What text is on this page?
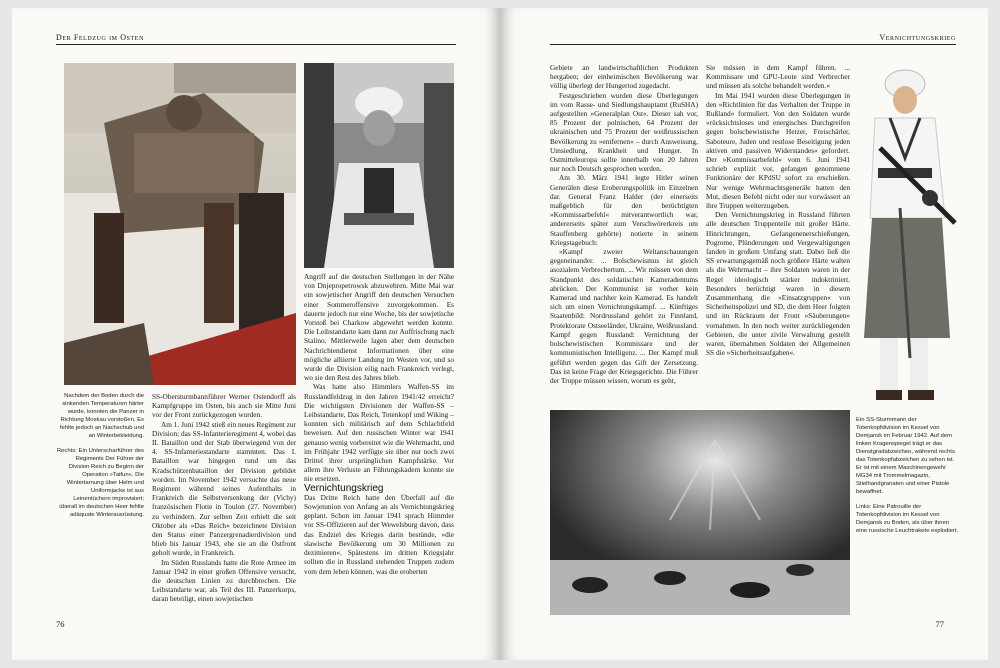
Der Feldzug im Osten

Nachdem der Boden durch die sinkenden Temperaturen härter wurde, konnten die Panzer in Richtung Moskau vorstoßen. Es fehlte jedoch an Nachschub und an Winterbekleidung.

Rechts: Ein Unterscharführer des Regiments Der Führer der Division Reich zu Beginn der Operation »Taifun«. Die Wintertarnung über Helm und Uniformjacke ist aus Leinentüchern improvisiert; überall im deutschen Heer fehlte adäquate Winterausrüstung.

SS-Obersturmbannführer Werner Ostendorff als Kampfgruppe im Osten, bis auch sie Mitte Juni vor der Front zurückgezogen wurden.

Am 1. Juni 1942 stieß ein neues Regiment zur Division; das SS-Infanterieregiment 4, wobei das II. Bataillon und der Stab überwiegend von der 4. SS-Infanteriestandarte stammten. Das I. Bataillon war hingegen rund um das Kradschützenbataillon der Division gebildet worden. Im November 1942 versuchte das neue Regiment während seines Aufenthalts in Frankreich die Selbstversenkung der (Vichy) französischen Flotte in Toulon (27. November) zu verhindern. Zur selben Zeit erhielt die seit Oktober als »Das Reich« bezeichnete Division den Status einer Panzergrenadierdivision und blieb bis Januar 1943, ehe sie an die Ostfront geholt wurde, in Frankreich.

Im Süden Russlands hatte die Rote Armee im Januar 1942 in einer großen Offensive versucht, die deutschen Linien zu durchbrechen. Die Leibstandarte war, als Teil des III. Panzerkorps, daran beteiligt, einen sowjetischen

Angriff auf die deutschen Stellungen in der Nähe von Dnjepropetrowsk abzuwehren. Mitte Mai war ein sowjetischer Angriff den deutschen Versuchen einer Sommeroffensive zuvorgekommen. Es dauerte jedoch nur eine Woche, bis der sowjetische Vorstoß bei Charkow abgewehrt werden konnte. Die Leibstandarte kam dann zur Auffrischung nach Stalino. Mittlerweile lagen aber dem deutschen Nachrichtendienst Informationen über eine mögliche alliierte Landung im Westen vor, und so wurde die Division eilig nach Frankreich verlegt, wo sie den Rest des Jahres blieb.

Was hatte also Himmlers Waffen-SS im Russlandfeldzug in den Jahren 1941/42 erreicht? Die wichtigsten Divisionen der Waffen-SS – Leibstandarte, Das Reich, Totenkopf und Wiking – konnten sich militärisch auf dem Schlachtfeld beweisen. Auf den russischen Winter war 1941 genauso wenig vorbereitet wie die Wehrmacht, und im Frühjahr 1942 verfügte sie über nur noch zwei Drittel ihrer ursprünglichen Kampfstärke. Vor allem ihre Verluste an Führungskadern konnte sie nie ersetzen.

Vernichtungskrieg

Das Dritte Reich hatte den Überfall auf die Sowjetunion von Anfang an als Vernichtungskrieg geplant. Schon im Januar 1941 sprach Himmler vor SS-Offizieren auf der Wewelsburg davon, dass das Endziel des Krieges darin bestünde, »die slawische Bevölkerung um 30 Millionen zu dezimieren«. Spätestens im dritten Kriegsjahr sollten die in Russland stehenden Truppen zudem vom dem leben können, was die eroberten

76
Vernichtungskrieg

Gebiete an landwirtschaftlichen Produkten hergaben; der einheimischen Bevölkerung war völlig überlegt der Hungertod zugedacht.

Festgeschrieben wurden diese Überlegungen im vom Rasse- und Siedlungshauptamt (RuSHA) aufgestellten »Generalplan Ost«. Dieser sah vor, 85 Prozent der polnischen, 64 Prozent der ukrainischen und 75 Prozent der weißrussischen Bevölkerung zu »entfernen« – durch Ausweisung, Umsiedlung, Krankheit und Hunger. In Ostmitteleuropa sollte innerhalb von 20 Jahren nur noch Deutsch gesprochen werden.

Am 30. März 1941 legte Hitler seinen Generälen diese Eroberungspolitik im Einzelnen dar. General Franz Halder (der einerseits maßgeblich für den berüchtigten »Kommissarbefehl« mitverantwortlich war, andererseits später zum Verschwörerkreis um Stauffenberg gehörte) notierte in seinem Kriegstagebuch:

»Kampf zweier Weltanschauungen gegeneinander. ... Bolschewismus ist gleich asozialem Verbrechertum. ... Wir müssen von dem Standpunkt des soldatischen Kameradentums abrücken. Der Kommunist ist vorher kein Kamerad und nachher kein Kamerad. Es handelt sich um einen Vernichtungskampf. ... Künftiges Staatenbild: Nordrussland gehört zu Finnland, Protektorate Ostseeländer, Ukraine, Weißrussland. Kampf gegen Russland: Vernichtung der bolschewistischen Kommissare und der kommunistischen Intelligenz. ... Der Kampf muß geführt werden gegen das Gift der Zersetzung. Das ist keine Frage der Kriegsgerichte. Die Führer der Truppe müssen wissen, worum es geht,

Sie müssen in dem Kampf führen. ... Kommissare und GPU-Leute sind Verbrecher und müssen als solche behandelt werden.«

Im Mai 1941 wurden diese Überlegungen in den »Richtlinien für das Verhalten der Truppe in Rußland« formuliert. Von den Soldaten wurde »rücksichtsloses und energisches Durchgreifen gegen bolschewistische Hetzer, Freischärler, Saboteure, Juden und restlose Beseitigung jeden aktiven und passiven Widerstandes« gefordert. Der »Kommissarbefehl« vom 6. Juni 1941 schrieb explizit vor, gefangen genommene Funktionäre der KPdSU sofort zu erschießen. Nur wenige Wehrmachtsgeneräle hatten den Mut, diesen Befehl nicht oder nur vorwässert an ihre Truppen weiterzugeben.

Den Vernichtungskrieg in Russland führten alle deutschen Truppenteile mit großer Härte. Hinrichtungen, Gefangenenerschießungen, Pogrome, Plünderungen und Vergewaltigungen fanden in großem Umfang statt. Dabei ließ die SS erwartungsgemäß noch größere Härte walten als die Wehrmacht – ihre Soldaten waren in der Regel ideologisch stärker indoktriniert. Besonders berüchtigt waren in diesem Zusammenhang die »Einsatzgruppen« von Sicherheitspolizei und SD, die dem Heer folgten und im Rückraum der Front »Säuberungen« vornahmen. In den noch weiter zurückliegenden Gebieten, die unter zivile Verwaltung gestellt waren, übernahmen Soldaten der Allgemeinen SS die »Sicherheitsaufgaben«.

Ein SS-Sturmmann der Totenkopfdivision im Kessel von Demjansk im Februar 1942. Auf dem linken Kragenspiegel trägt er das Dienstgradabzeichen, während rechts das Totenkopfabzeichen zu sehen ist. Er ist mit einem Maschinengewehr MG34 mit Trommelmagazin, Stielhandgranaten und einer Pistole bewaffnet.

Links: Eine Patrouille der Totenkopfdivision im Kessel von Demjansk zu Boden, als über ihnen eine russische Leuchtrakete explodiert.

77
